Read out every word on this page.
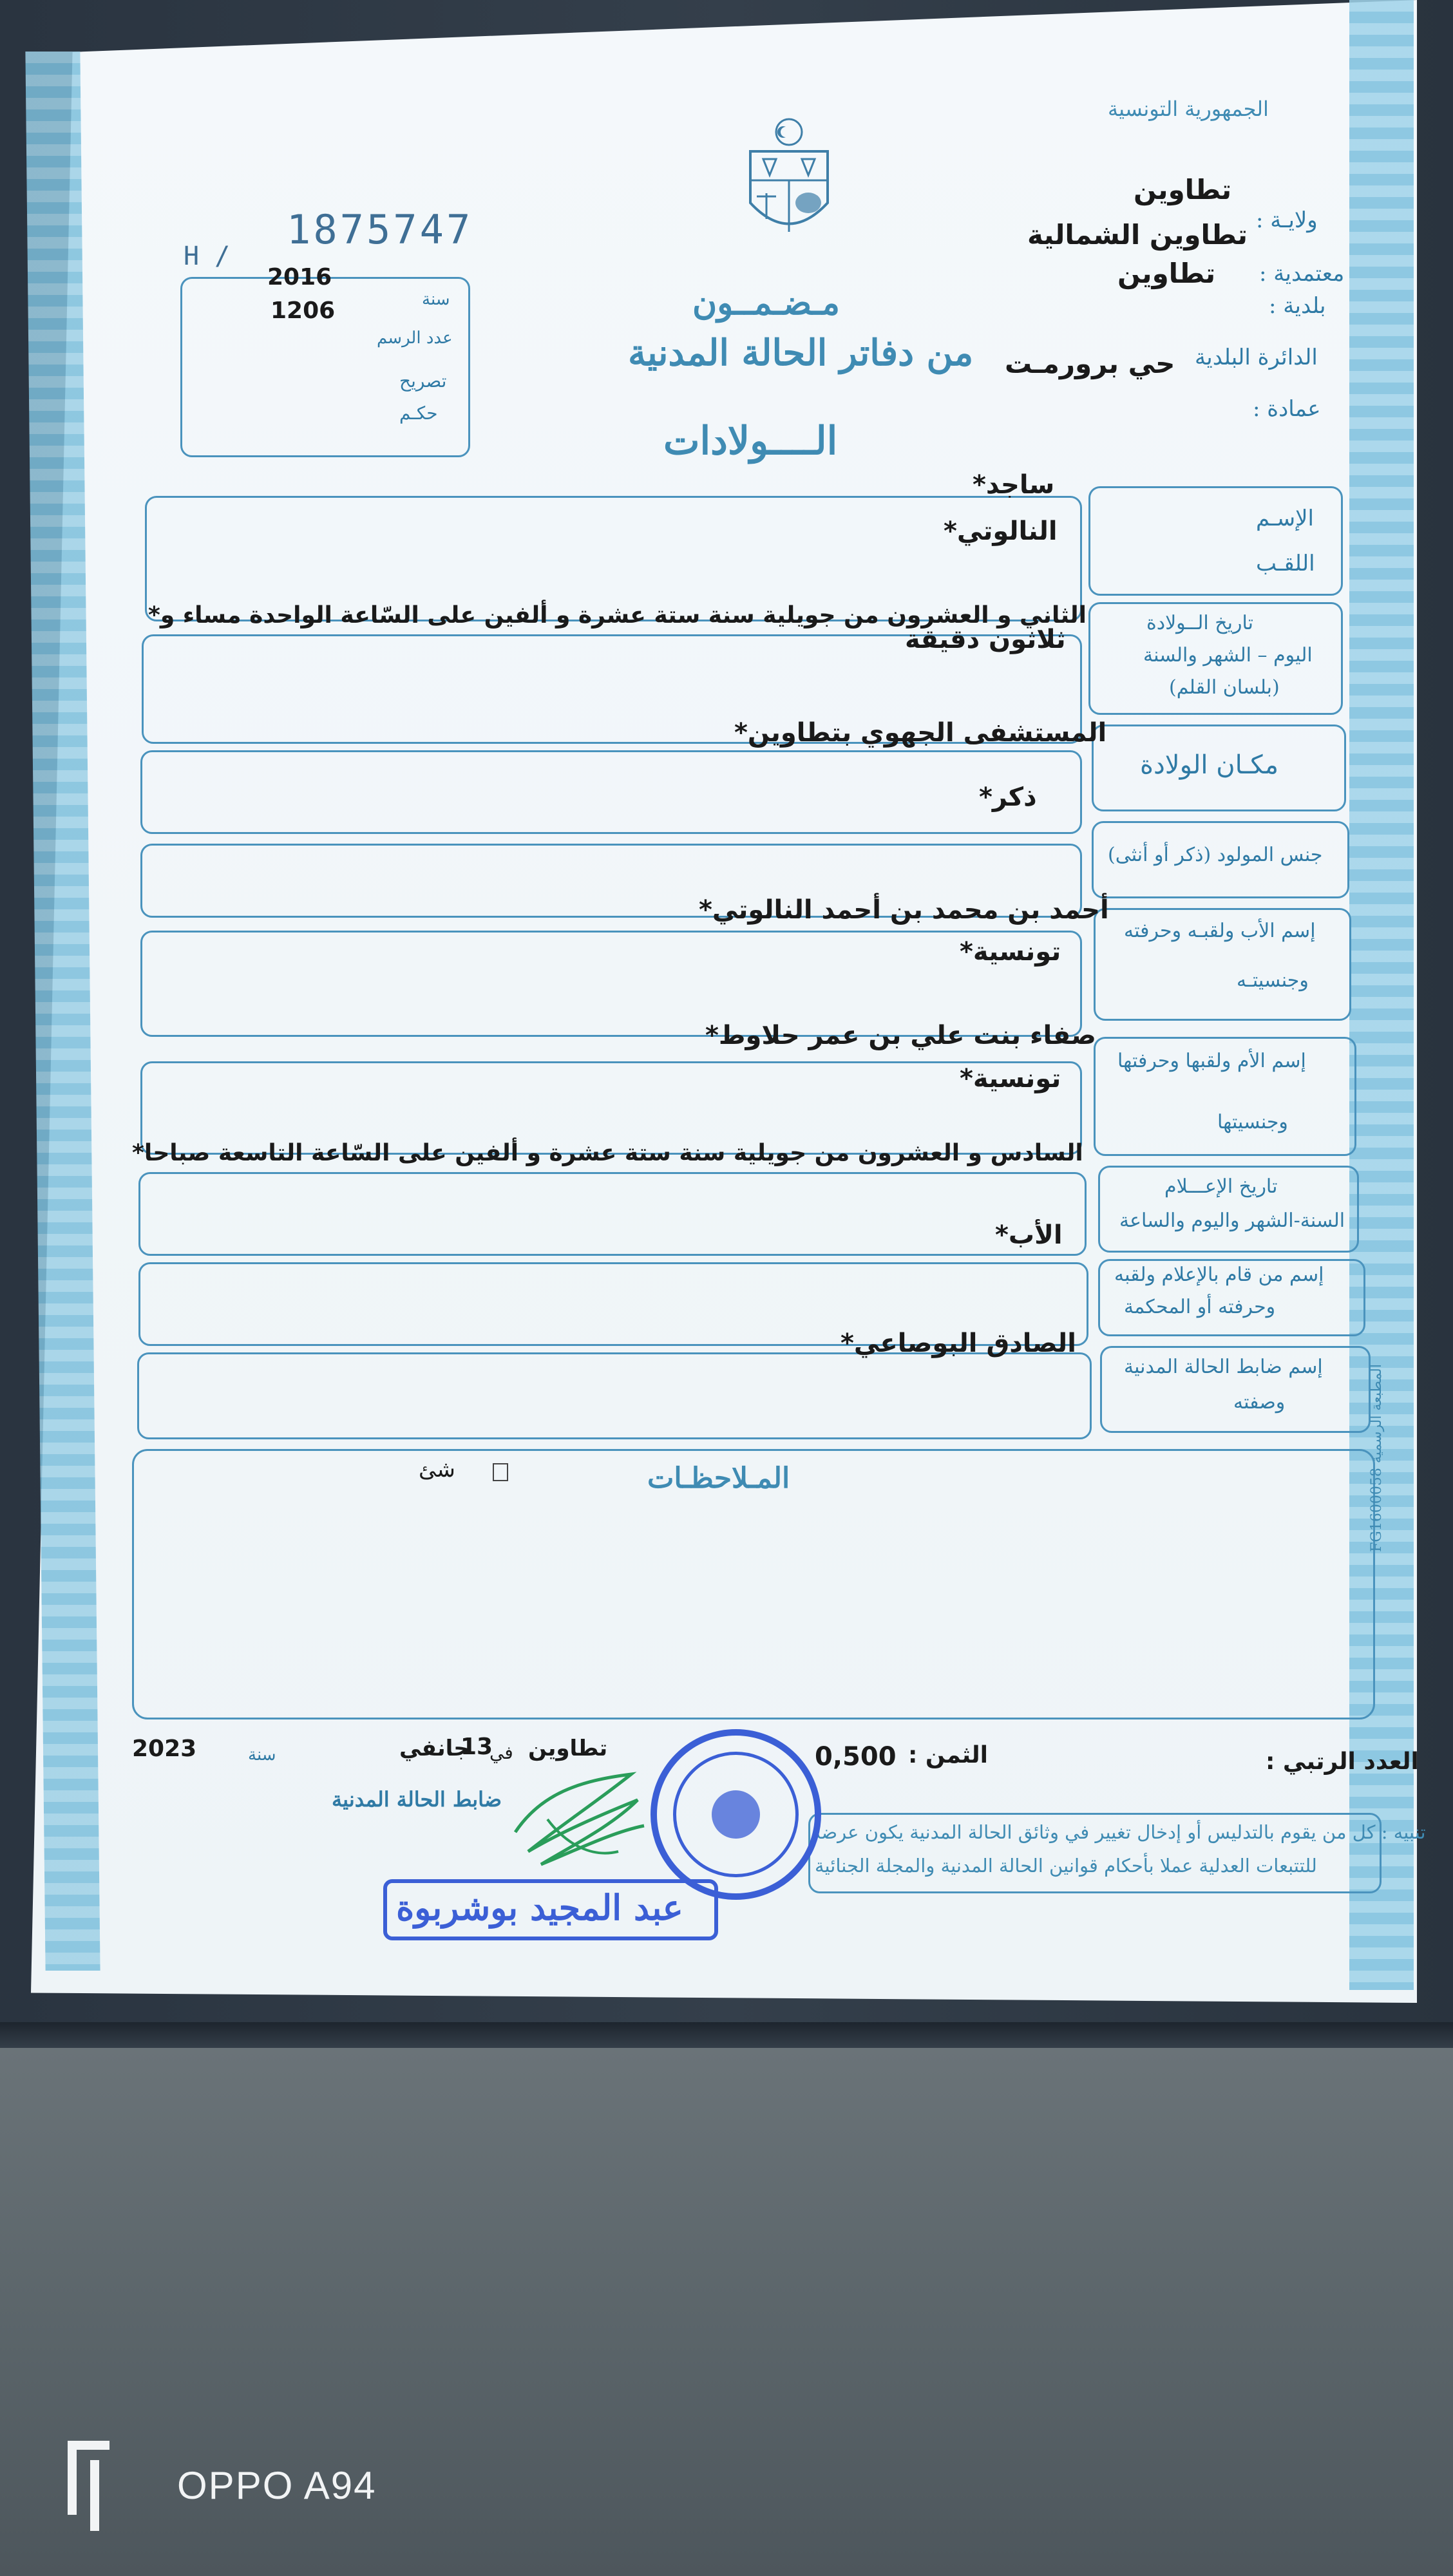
الجمهورية التونسية
ولايـة :
تطاوين
تطاوين الشمالية
معتمدية :
تطاوين
بلدية :
الدائرة البلدية
حي برورمـت
عمادة :
مـضـمــون
من دفاتر الحالة المدنية
الــــولادات
H /
1875747
سنة
2016
عدد الرسم
1206
تصريح
حكـم
الإسـم
اللقـب
ساجد*
النالوتي*
تاريخ الــولادة
اليوم – الشهر والسنة
(بلسان القلم)
الثاني و العشرون من جويلية سنة ستة عشرة و ألفين على السّاعة الواحدة مساء و*
ثلاثون دقيقة
مكـان الولادة
المستشفى الجهوي بتطاوين*
جنس المولود (ذكر أو أنثى)
ذكر*
إسم الأب ولقبـه وحرفته
وجنسيتـه
أحمد بن محمد بن أحمد النالوتي*
تونسية*
إسم الأم ولقبها وحرفتها
وجنسيتها
صفاء بنت علي بن عمر حلاوط*
تونسية*
تاريخ الإعـــلام
السنة-الشهر واليوم والساعة
السادس و العشرون من جويلية سنة ستة عشرة و ألفين على السّاعة التاسعة صباحا*
إسم من قام بالإعلام ولقبه
وحرفته أو المحكمة
الأب*
إسم ضابط الحالة المدنية
وصفته
الصادق البوصاعي*
المـلاحظـات
شئ	المطبعة الرسمية FG1600058
العدد الرتبي :
الثمن :
0,500
تطاوين
في
13
جانفي
سنة
2023
ضابط الحالة المدنية
تنبيه : كل من يقوم بالتدليس أو إدخال تغيير في وثائق الحالة المدنية يكون عرضة
للتتبعات العدلية عملا بأحكام قوانين الحالة المدنية والمجلة الجنائية
عبد المجيد بوشربوة
OPPO A94
